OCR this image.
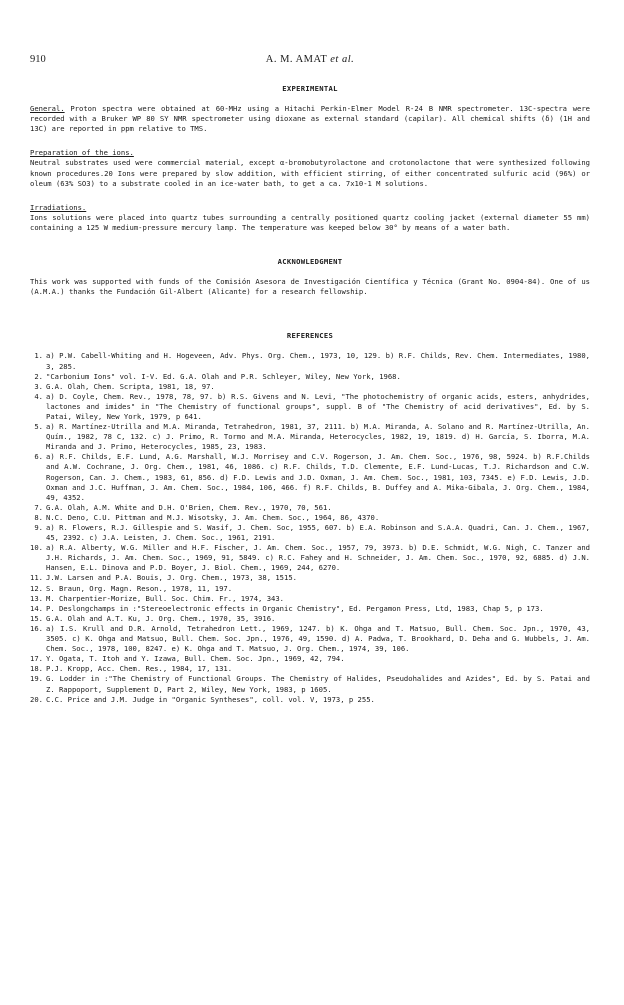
910	A. M. AMAT et al.
EXPERIMENTAL

General. Proton spectra were obtained at 60-MHz using a Hitachi Perkin-Elmer Model R-24 B NMR spectrometer. 13C-spectra were recorded with a Bruker WP 80 SY NMR spectrometer using dioxane as external standard (capilar). All chemical shifts (δ) (1H and 13C) are reported in ppm relative to TMS.

Preparation of the ions.

Neutral substrates used were commercial material, except α-bromobutyrolactone and crotonolactone that were synthesized following known procedures.20 Ions were prepared by slow addition, with efficient stirring, of either concentrated sulfuric acid (96%) or oleum (63% SO3) to a substrate cooled in an ice-water bath, to get a ca. 7x10-1 M solutions.

Irradiations.

Ions solutions were placed into quartz tubes surrounding a centrally positioned quartz cooling jacket (external diameter 55 mm) containing a 125 W medium-pressure mercury lamp. The temperature was keeped below 30° by means of a water bath.

ACKNOWLEDGMENT

This work was supported with funds of the Comisión Asesora de Investigación Científica y Técnica (Grant No. 0904-84). One of us (A.M.A.) thanks the Fundación Gil-Albert (Alicante) for a research fellowship.

REFERENCES
1. a) P.W. Cabell-Whiting and H. Hogeveen, Adv. Phys. Org. Chem., 1973, 10, 129. b) R.F. Childs, Rev. Chem. Intermediates, 1980, 3, 285.
2. "Carbonium Ions" vol. I-V. Ed. G.A. Olah and P.R. Schleyer, Wiley, New York, 1968.
3. G.A. Olah, Chem. Scripta, 1981, 18, 97.
4. a) D. Coyle, Chem. Rev., 1978, 78, 97. b) R.S. Givens and N. Levi, "The photochemistry of organic acids, esters, anhydrides, lactones and imides" in "The Chemistry of functional groups", suppl. B of "The Chemistry of acid derivatives", Ed. by S. Patai, Wiley, New York, 1979, p 641.
5. a) R. Martínez-Utrilla and M.A. Miranda, Tetrahedron, 1981, 37, 2111. b) M.A. Miranda, A. Solano and R. Martínez-Utrilla, An. Quím., 1982, 78 C, 132. c) J. Primo, R. Tormo and M.A. Miranda, Heterocycles, 1982, 19, 1819. d) H. García, S. Iborra, M.A. Miranda and J. Primo, Heterocycles, 1985, 23, 1983.
6. a) R.F. Childs, E.F. Lund, A.G. Marshall, W.J. Morrisey and C.V. Rogerson, J. Am. Chem. Soc., 1976, 98, 5924. b) R.F.Childs and A.W. Cochrane, J. Org. Chem., 1981, 46, 1086. c) R.F. Childs, T.D. Clemente, E.F. Lund-Lucas, T.J. Richardson and C.W. Rogerson, Can. J. Chem., 1983, 61, 856. d) F.D. Lewis and J.D. Oxman, J. Am. Chem. Soc., 1981, 103, 7345. e) F.D. Lewis, J.D. Oxman and J.C. Huffman, J. Am. Chem. Soc., 1984, 106, 466. f) R.F. Childs, B. Duffey and A. Mika-Gibala, J. Org. Chem., 1984, 49, 4352.
7. G.A. Olah, A.M. White and D.H. O'Brien, Chem. Rev., 1970, 70, 561.
8. N.C. Deno, C.U. Pittman and M.J. Wisotsky, J. Am. Chem. Soc., 1964, 86, 4370.
9. a) R. Flowers, R.J. Gillespie and S. Wasif, J. Chem. Soc, 1955, 607. b) E.A. Robinson and S.A.A. Quadri, Can. J. Chem., 1967, 45, 2392. c) J.A. Leisten, J. Chem. Soc., 1961, 2191.
10. a) R.A. Alberty, W.G. Miller and H.F. Fischer, J. Am. Chem. Soc., 1957, 79, 3973. b) D.E. Schmidt, W.G. Nigh, C. Tanzer and J.H. Richards, J. Am. Chem. Soc., 1969, 91, 5849. c) R.C. Fahey and H. Schneider, J. Am. Chem. Soc., 1970, 92, 6885. d) J.N. Hansen, E.L. Dinova and P.D. Boyer, J. Biol. Chem., 1969, 244, 6270.
11. J.W. Larsen and P.A. Bouis, J. Org. Chem., 1973, 38, 1515.
12. S. Braun, Org. Magn. Reson., 1978, 11, 197.
13. M. Charpentier-Morize, Bull. Soc. Chim. Fr., 1974, 343.
14. P. Deslongchamps in :"Stereoelectronic effects in Organic Chemistry", Ed. Pergamon Press, Ltd, 1983, Chap 5, p 173.
15. G.A. Olah and A.T. Ku, J. Org. Chem., 1970, 35, 3916.
16. a) I.S. Krull and D.R. Arnold, Tetrahedron Lett., 1969, 1247. b) K. Ohga and T. Matsuo, Bull. Chem. Soc. Jpn., 1970, 43, 3505. c) K. Ohga and Matsuo, Bull. Chem. Soc. Jpn., 1976, 49, 1590. d) A. Padwa, T. Brookhard, D. Deha and G. Wubbels, J. Am. Chem. Soc., 1978, 100, 8247. e) K. Ohga and T. Matsuo, J. Org. Chem., 1974, 39, 106.
17. Y. Ogata, T. Itoh and Y. Izawa, Bull. Chem. Soc. Jpn., 1969, 42, 794.
18. P.J. Kropp, Acc. Chem. Res., 1984, 17, 131.
19. G. Lodder in :"The Chemistry of Functional Groups. The Chemistry of Halides, Pseudohalides and Azides", Ed. by S. Patai and Z. Rappoport, Supplement D, Part 2, Wiley, New York, 1983, p 1605.
20. C.C. Price and J.M. Judge in "Organic Syntheses", coll. vol. V, 1973, p 255.
